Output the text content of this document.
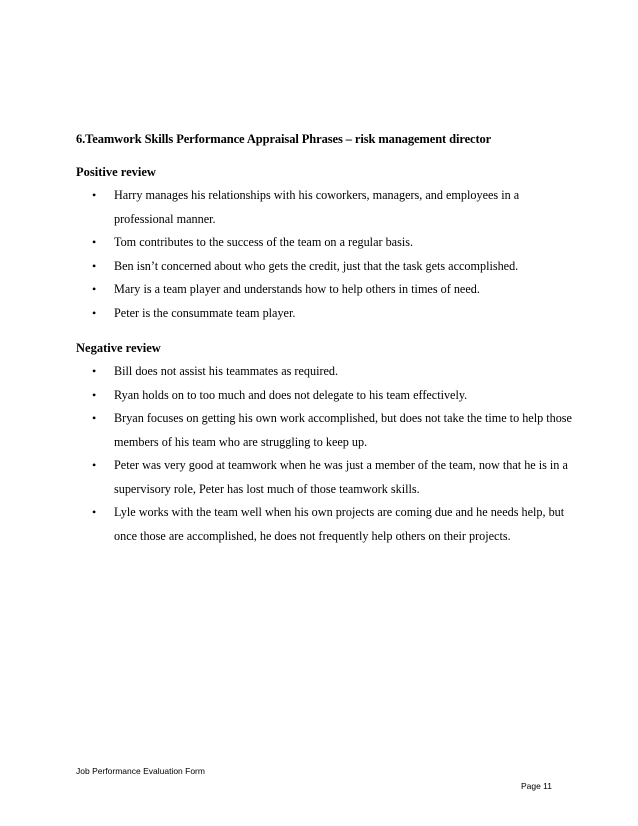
6.Teamwork Skills Performance Appraisal Phrases – risk management director
Positive review
• Harry manages his relationships with his coworkers, managers, and employees in a professional manner.
• Tom contributes to the success of the team on a regular basis.
• Ben isn’t concerned about who gets the credit, just that the task gets accomplished.
• Mary is a team player and understands how to help others in times of need.
• Peter is the consummate team player.
Negative review
• Bill does not assist his teammates as required.
• Ryan holds on to too much and does not delegate to his team effectively.
• Bryan focuses on getting his own work accomplished, but does not take the time to help those members of his team who are struggling to keep up.
• Peter was very good at teamwork when he was just a member of the team, now that he is in a supervisory role, Peter has lost much of those teamwork skills.
• Lyle works with the team well when his own projects are coming due and he needs help, but once those are accomplished, he does not frequently help others on their projects.
Job Performance Evaluation Form
Page 11
